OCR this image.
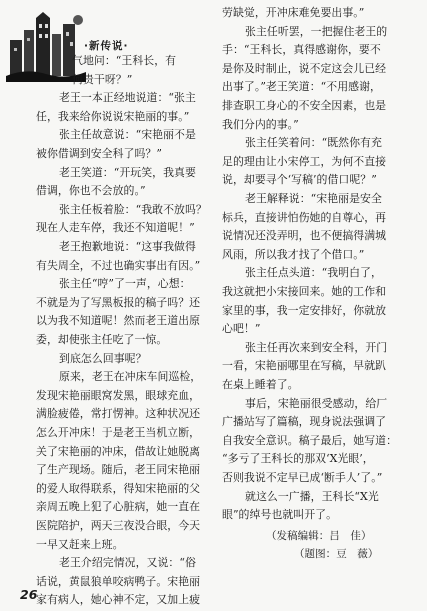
·新传说·
气地问：“王科长，有
何贵干呀？”
老王一本正经地说道：“张主
任，我来给你说说宋艳丽的事。”
张主任故意说：“宋艳丽不是
被你借调到安全科了吗？”
老王笑道：“开玩笑，我真要
借调，你也不会放的。”
张主任板着脸：“我敢不放吗？
现在人走车停，我还不知道呢！”
老王抱歉地说：“这事我做得
有失周全，不过也确实事出有因。”
张主任“哼”了一声，心想：
不就是为了写黑板报的稿子吗？还
以为我不知道呢！然而老王道出原
委，却使张主任吃了一惊。
到底怎么回事呢？
原来，老王在冲床车间巡检，
发现宋艳丽眼窝发黑，眼球充血，
满脸疲倦，常打愣神。这种状况还
怎么开冲床！于是老王当机立断，
关了宋艳丽的冲床，借故让她脱离
了生产现场。随后，老王同宋艳丽
的爱人取得联系，得知宋艳丽的父
亲周五晚上犯了心脏病，她一直在
医院陪护，两天三夜没合眼，今天
一早又赶来上班。
老王介绍完情况，又说：“俗
话说，黄鼠狼单咬病鸭子。宋艳丽
家有病人，她心神不定，又加上疲
劳缺觉，开冲床难免要出事。”
张主任听罢，一把握住老王的
手：“王科长，真得感谢你，要不
是你及时制止，说不定这会儿已经
出事了。”老王笑道：“不用感谢，
排查职工身心的不安全因素，也是
我们分内的事。”
张主任笑着问：“既然你有充
足的理由让小宋停工，为何不直接
说，却要寻个‘写稿’的借口呢？”
老王解释说：“宋艳丽是安全
标兵，直接讲怕伤她的自尊心，再
说情况还没弄明，也不便搞得满城
风雨，所以我才找了个借口。”
张主任点头道：“我明白了，
我这就把小宋接回来。她的工作和
家里的事，我一定安排好，你就放
心吧！”
张主任再次来到安全科，开门
一看，宋艳丽哪里在写稿，早就趴
在桌上睡着了。
事后，宋艳丽很受感动，给厂
广播站写了篇稿，现身说法强调了
自我安全意识。稿子最后，她写道：
“多亏了王科长的那双‘X光眼’，
否则我说不定早已成‘断手人’了。”
就这么一广播，王科长“X光
眼”的绰号也就叫开了。
（发稿编辑：吕　佳）
（题图：豆　薇）
26
